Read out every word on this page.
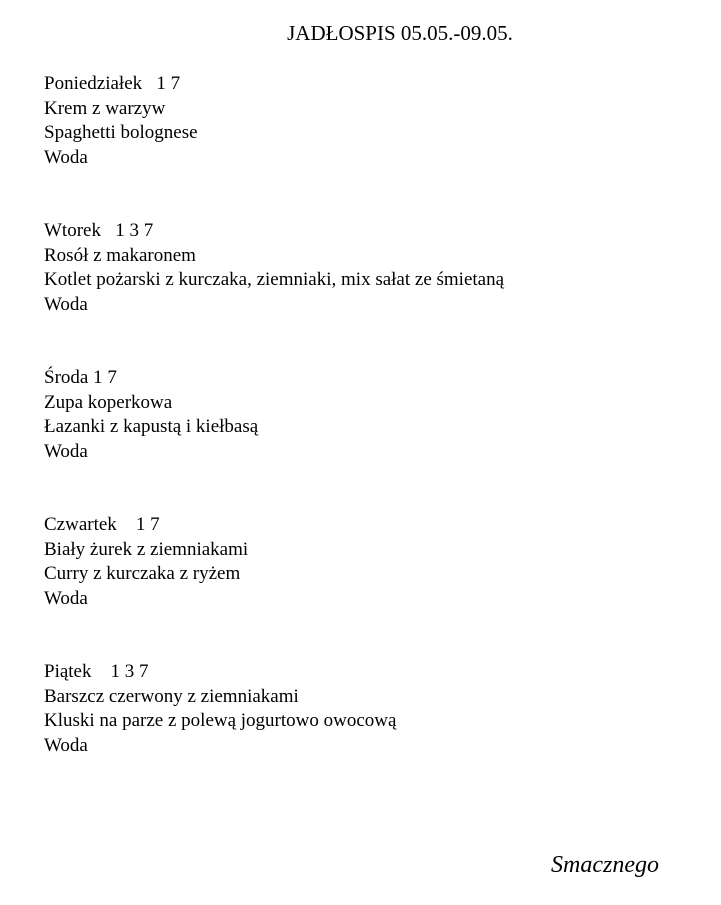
JADŁOSPIS 05.05.-09.05.
Poniedziałek 1 7
Krem z warzyw
Spaghetti bolognese
Woda
Wtorek 1 3 7
Rosół z makaronem
Kotlet pożarski z kurczaka, ziemniaki, mix sałat ze śmietaną
Woda
Środa 1 7
Zupa koperkowa
Łazanki z kapustą i kiełbasą
Woda
Czwartek 1 7
Biały żurek z ziemniakami
Curry z kurczaka z ryżem
Woda
Piątek 1 3 7
Barszcz czerwony z ziemniakami
Kluski na parze z polewą jogurtowo owocową
Woda
Smacznego
